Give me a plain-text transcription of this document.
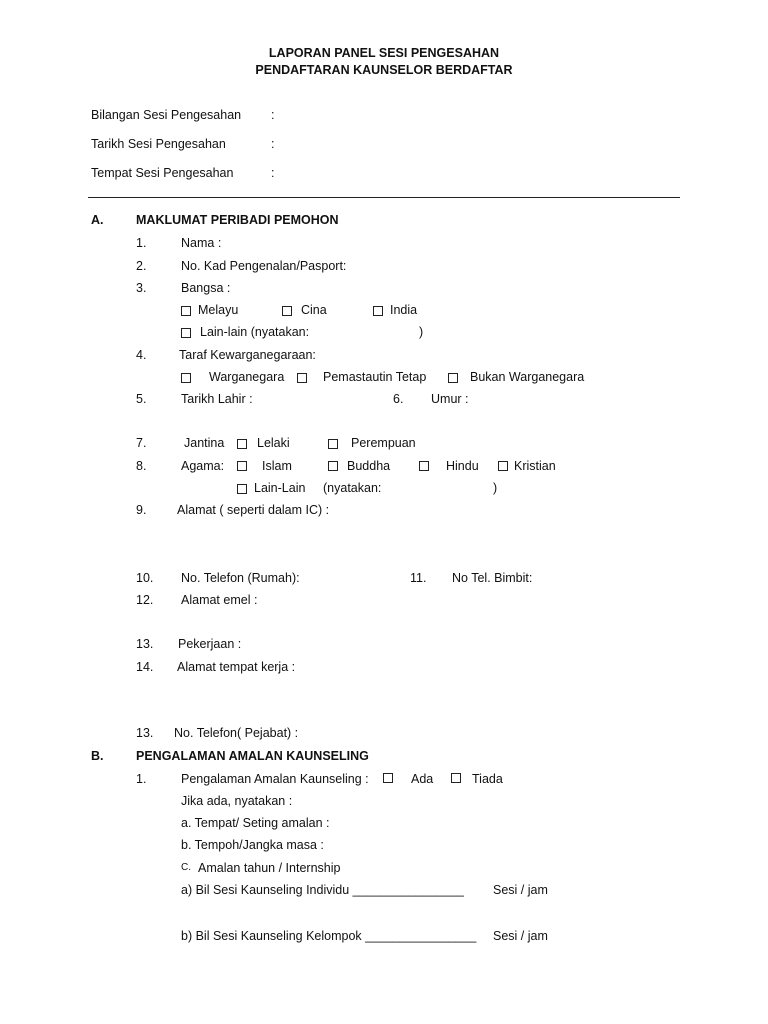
LAPORAN PANEL SESI PENGESAHAN
PENDAFTARAN KAUNSELOR BERDAFTAR
Bilangan Sesi Pengesahan :
Tarikh Sesi Pengesahan	:
Tempat Sesi Pengesahan	:
A.	MAKLUMAT PERIBADI PEMOHON
1.	Nama :
2.	No. Kad Pengenalan/Pasport:
3.	Bangsa :
Melayu	Cina	India
Lain-lain (nyatakan:	)
4.	Taraf Kewarganegaraan:
Warganegara	Pemastautin Tetap	Bukan Warganegara
5.	Tarikh Lahir :	6. Umur :
7.	Jantina	Lelaki	Perempuan
8.	Agama:	Islam	Buddha	Hindu	Kristian
Lain-Lain (nyatakan:	)
9. Alamat ( seperti dalam IC) :
10. No. Telefon (Rumah):	11. No Tel. Bimbit:
12. Alamat emel :
13. Pekerjaan :
14. Alamat tempat kerja :
13. No. Telefon( Pejabat) :
B.	PENGALAMAN AMALAN KAUNSELING
1.	Pengalaman Amalan Kaunseling :	Ada	Tiada
Jika ada, nyatakan :
a. Tempat/ Seting amalan :
b. Tempoh/Jangka masa :
C. Amalan tahun / Internship
a) Bil Sesi Kaunseling Individu ________________ Sesi / jam
b) Bil Sesi Kaunseling Kelompok ________________ Sesi / jam
